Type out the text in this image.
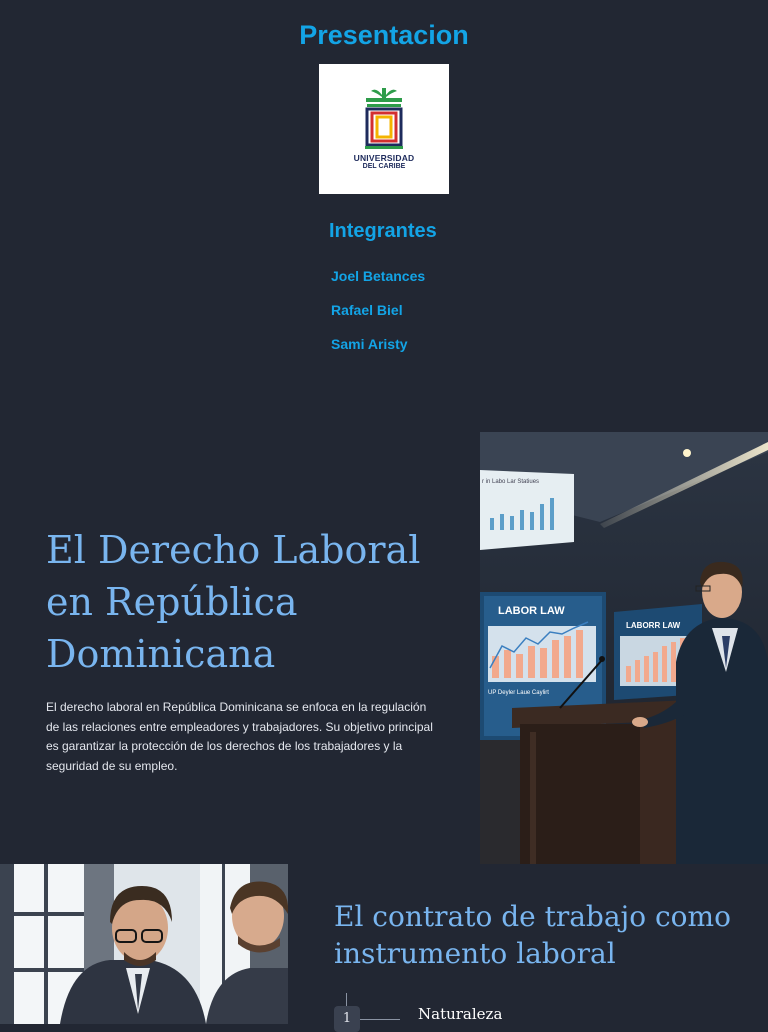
Presentacion
UNIVERSIDAD
DEL CARIBE
Integrantes
Joel Betances
Rafael Biel
Sami Aristy
El Derecho Laboral en República Dominicana

El derecho laboral en República Dominicana se enfoca en la regulación de las relaciones entre empleadores y trabajadores. Su objetivo principal es garantizar la protección de los derechos de los trabajadores y la seguridad de su empleo.

r in Labo Lar Statiues
LABOR LAW
UP Deyler Laue Caylirt
LABORR LAW
El contrato de trabajo como instrumento laboral
1	Naturaleza
